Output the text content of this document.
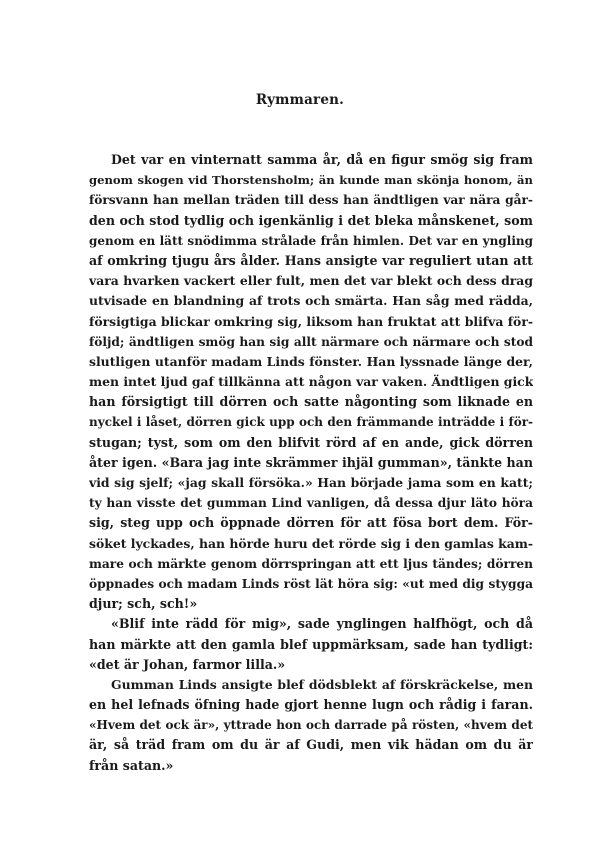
Rymmaren.
Det var en vinternatt samma år, då en figur smög sig fram
genom skogen vid Thorstensholm; än kunde man skönja honom, än
försvann han mellan träden till dess han ändtligen var nära går-
den och stod tydlig och igenkänlig i det bleka månskenet, som
genom en lätt snödimma strålade från himlen. Det var en yngling
af omkring tjugu års ålder. Hans ansigte var reguliert utan att
vara hvarken vackert eller fult, men det var blekt och dess drag
utvisade en blandning af trots och smärta. Han såg med rädda,
försigtiga blickar omkring sig, liksom han fruktat att blifva för-
följd; ändtligen smög han sig allt närmare och närmare och stod
slutligen utanför madam Linds fönster. Han lyssnade länge der,
men intet ljud gaf tillkänna att någon var vaken. Ändtligen gick
han försigtigt till dörren och satte någonting som liknade en
nyckel i låset, dörren gick upp och den främmande inträdde i för-
stugan; tyst, som om den blifvit rörd af en ande, gick dörren
åter igen. «Bara jag inte skrämmer ihjäl gumman», tänkte han
vid sig sjelf; «jag skall försöka.» Han började jama som en katt;
ty han visste det gumman Lind vanligen, då dessa djur läto höra
sig, steg upp och öppnade dörren för att fösa bort dem. För-
söket lyckades, han hörde huru det rörde sig i den gamlas kam-
mare och märkte genom dörrspringan att ett ljus tändes; dörren
öppnades och madam Linds röst lät höra sig: «ut med dig stygga
djur; sch, sch!»
«Blif inte rädd för mig», sade ynglingen halfhögt, och då
han märkte att den gamla blef uppmärksam, sade han tydligt:
«det är Johan, farmor lilla.»
Gumman Linds ansigte blef dödsblekt af förskräckelse, men
en hel lefnads öfning hade gjort henne lugn och rådig i faran.
«Hvem det ock är», yttrade hon och darrade på rösten, «hvem det
är, så träd fram om du är af Gudi, men vik hädan om du är
från satan.»
